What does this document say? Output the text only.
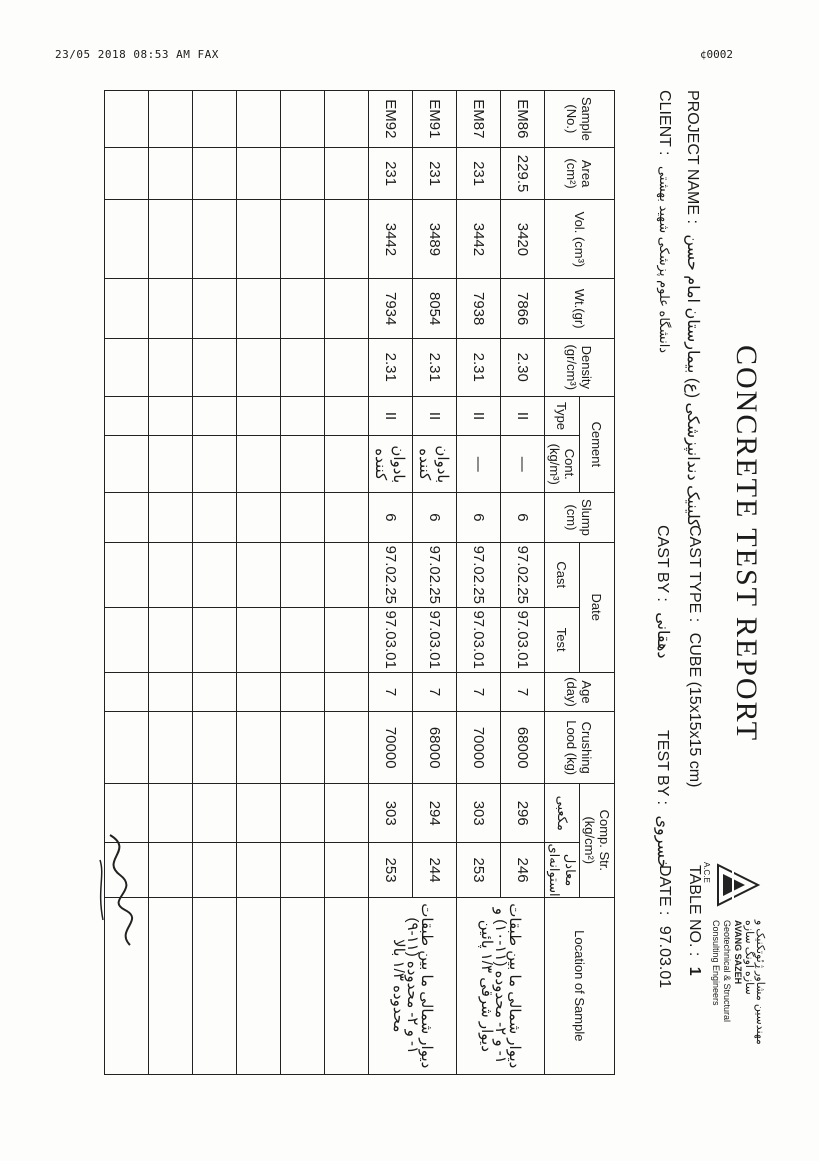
23/05 2018 08:53 AM FAX	¢0002
CONCRETE TEST REPORT
A.C.E
مهندسین مشاور ژئوتکنیک و سازه آونگ سازه
AVANG SAZEH
Geotechnical & Structural
Consulting Engineers
PROJECT NAME : کلینیک دندانپزشکی (ع) بیمارستان امام حسن
CLIENT : دانشگاه علوم پزشکی شهید بهشتی
CAST TYPE : CUBE (15x15x15 cm)
CAST BY : دهقانی
TEST BY : خسروی
TABLE NO. : 1
DATE : 97.03.01
Sample (No.)	Area (cm²)	Vol. (cm³)	Wt.(gr)	Density (gr/cm³)	Cement		Slump (cm)	Date		Age (day)	Crushing Lood (kg)	Comp. Str. (kg/cm²)		Location of Sample
					Type	Cont. (kg/m³)		Cast	Test			مکعبی	معادل استوانه‌ای	
EM86	229.5	3420	7866	2.30	II	—	6	97.02.25	97.03.01	7	68000	296	246	دیوار شمالی ما بین طبقات ۱- و ۲- محدوده (۱۱-۱۰) و دیوار شرقی ۱/۳ پائین
EM87	231	3442	7938	2.31	II	—	6	97.02.25	97.03.01	7	70000	303	253	
EM91	231	3489	8054	2.31	II	بادوان کننده	6	97.02.25	97.03.01	7	68000	294	244	دیوار شمالی ما بین طبقات ۱- و ۲- محدوده (۱۱-۹) محدوده ۱/۳ بالا
EM92	231	3442	7934	2.31	II	بادوان کننده	6	97.02.25	97.03.01	7	70000	303	253	
